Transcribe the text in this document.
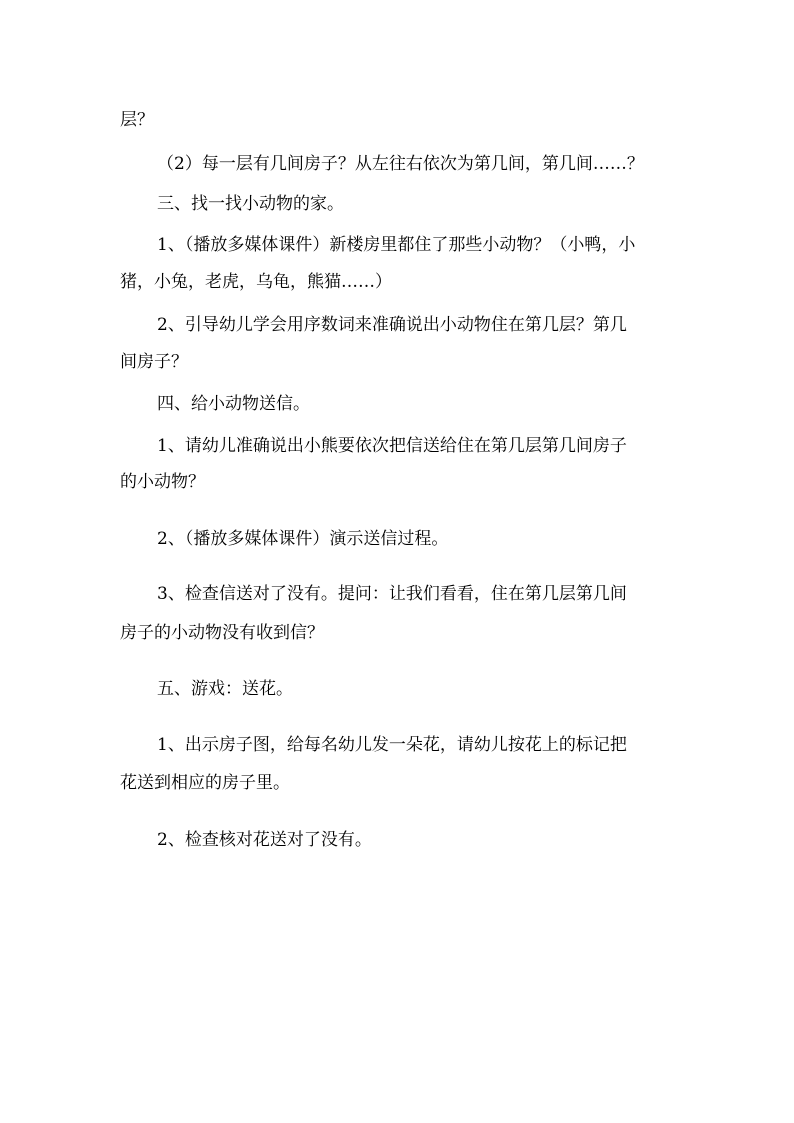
层？
（2）每一层有几间房子？从左往右依次为第几间，第几间……？
三、找一找小动物的家。
1、（播放多媒体课件）新楼房里都住了那些小动物？（小鸭，小
猪，小兔，老虎，乌龟，熊猫……）
2、引导幼儿学会用序数词来准确说出小动物住在第几层？第几
间房子？
四、给小动物送信。
1、请幼儿准确说出小熊要依次把信送给住在第几层第几间房子
的小动物？
2、（播放多媒体课件）演示送信过程。
3、检查信送对了没有。提问：让我们看看，住在第几层第几间
房子的小动物没有收到信？
五、游戏：送花。
1、出示房子图，给每名幼儿发一朵花，请幼儿按花上的标记把
花送到相应的房子里。
2、检查核对花送对了没有。
